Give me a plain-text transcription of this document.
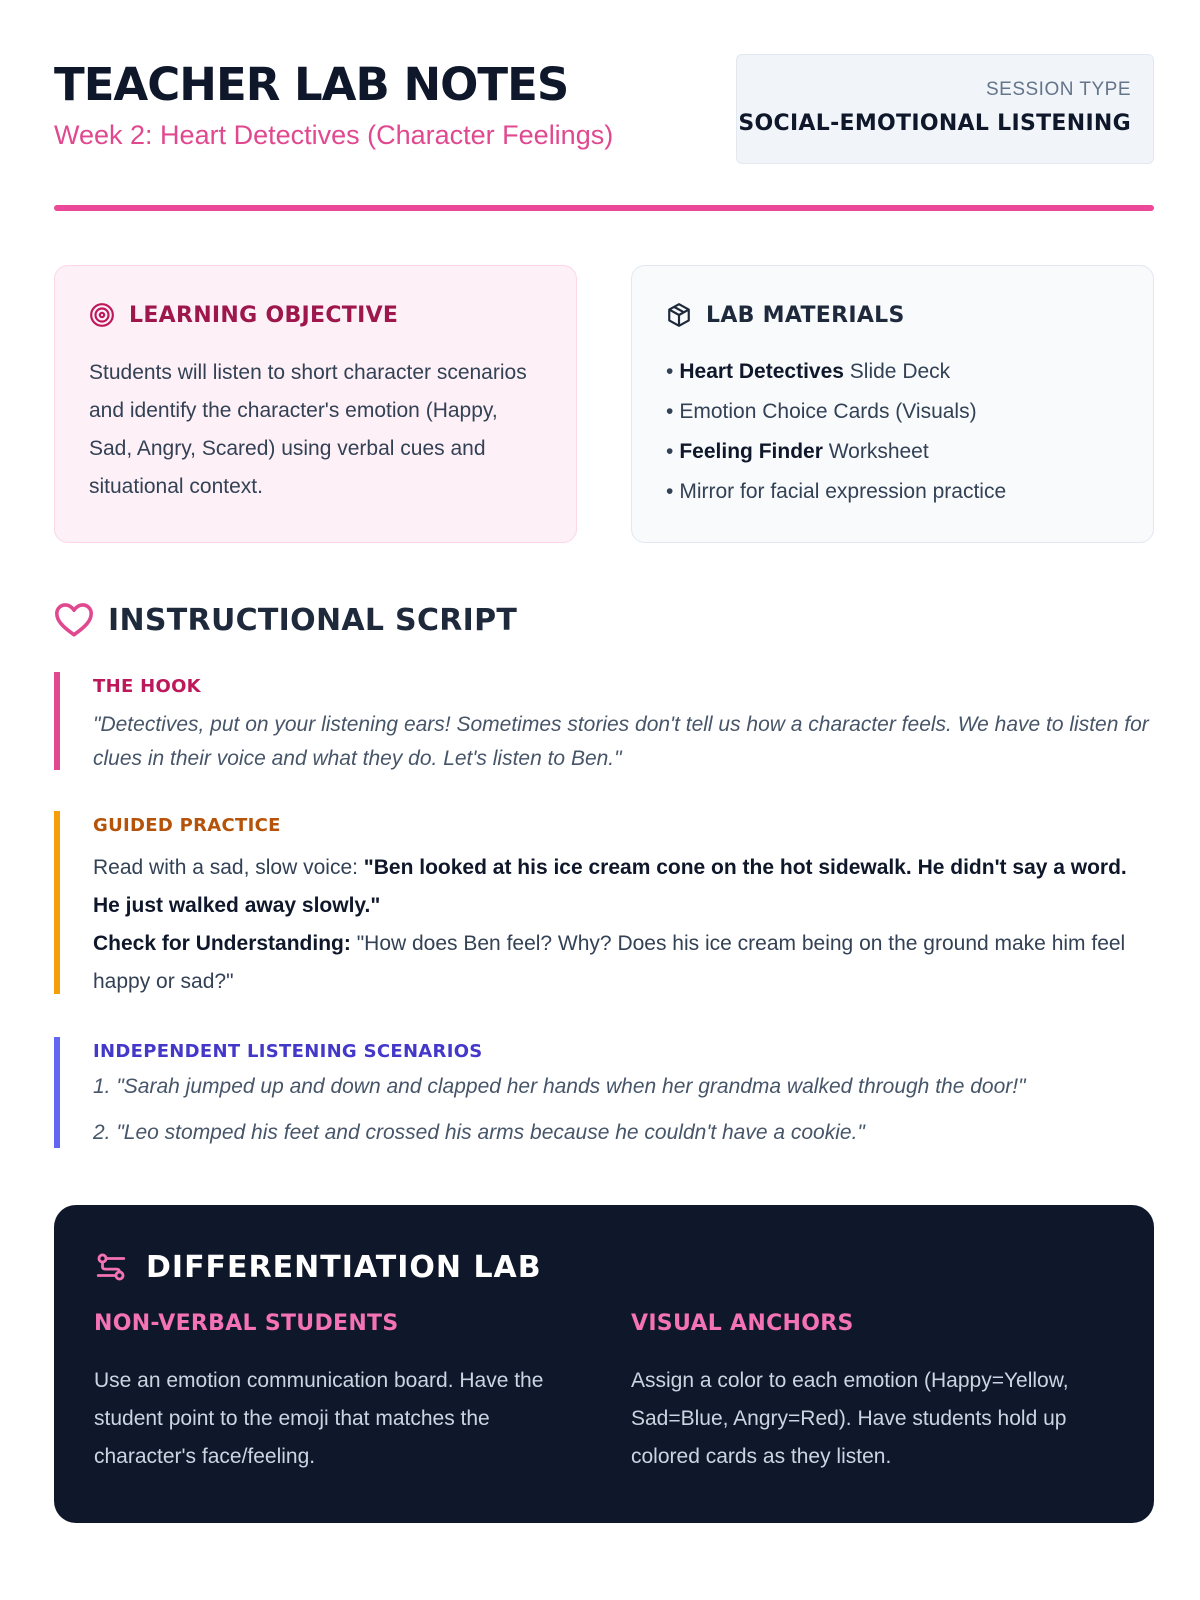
TEACHER LAB NOTES
Week 2: Heart Detectives (Character Feelings)
SESSION TYPE
SOCIAL-EMOTIONAL LISTENING
LEARNING OBJECTIVE

Students will listen to short character scenarios and identify the character's emotion (Happy, Sad, Angry, Scared) using verbal cues and situational context.

LAB MATERIALS
• Heart Detectives Slide Deck
• Emotion Choice Cards (Visuals)
• Feeling Finder Worksheet
• Mirror for facial expression practice
INSTRUCTIONAL SCRIPT
THE HOOK

"Detectives, put on your listening ears! Sometimes stories don't tell us how a character feels. We have to listen for clues in their voice and what they do. Let's listen to Ben."

GUIDED PRACTICE

Read with a sad, slow voice: "Ben looked at his ice cream cone on the hot sidewalk. He didn't say a word. He just walked away slowly."
Check for Understanding: "How does Ben feel? Why? Does his ice cream being on the ground make him feel happy or sad?"

INDEPENDENT LISTENING SCENARIOS
1. "Sarah jumped up and down and clapped her hands when her grandma walked through the door!"
2. "Leo stomped his feet and crossed his arms because he couldn't have a cookie."
DIFFERENTIATION LAB
NON-VERBAL STUDENTS

Use an emotion communication board. Have the student point to the emoji that matches the character's face/feeling.

VISUAL ANCHORS

Assign a color to each emotion (Happy=Yellow, Sad=Blue, Angry=Red). Have students hold up colored cards as they listen.
